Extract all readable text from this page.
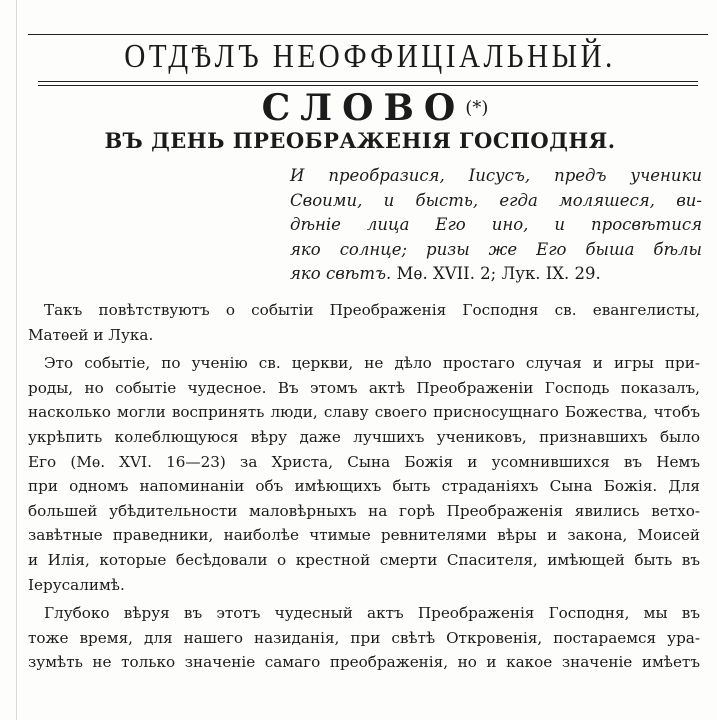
ОТДѢЛЪ НЕОФФИЦІАЛЬНЫЙ.
СЛОВО(*)
ВЪ ДЕНЬ ПРЕОБРАЖЕНІЯ ГОСПОДНЯ.
И преобразися, Іисусъ, предъ ученики
Своими, и бысть, егда моляшеся, ви-
дѣніе лица Его ино, и просвѣтися
яко солнце; ризы же Его быша бѣлы
яко свѣтъ. Мѳ. XVII. 2; Лук. IX. 29.
Такъ повѣтствуютъ о событіи Преображенія Господня св. евангелисты,
Матѳей и Лука.
Это событіе, по ученію св. церкви, не дѣло простаго случая и игры при-
роды, но событіе чудесное. Въ этомъ актѣ Преображеніи Господь показалъ,
насколько могли воспринять люди, славу своего присносущнаго Божества, чтобъ
укрѣпить колеблющуюся вѣру даже лучшихъ учениковъ, признавшихъ было
Его (Мѳ. XVI. 16—23) за Христа, Сына Божія и усомнившихся въ Немъ
при одномъ напоминаніи объ имѣющихъ быть страданіяхъ Сына Божія. Для
большей убѣдительности маловѣрныхъ на горѣ Преображенія явились ветхо-
завѣтные праведники, наиболѣе чтимые ревнителями вѣры и закона, Моисей
и Илія, которые бесѣдовали о крестной смерти Спасителя, имѣющей быть въ
Іерусалимѣ.
Глубоко вѣруя въ этотъ чудесный актъ Преображенія Господня, мы въ
тоже время, для нашего назиданія, при свѣтѣ Откровенія, постараемся ура-
зумѣть не только значеніе самаго преображенія, но и какое значеніе имѣетъ
